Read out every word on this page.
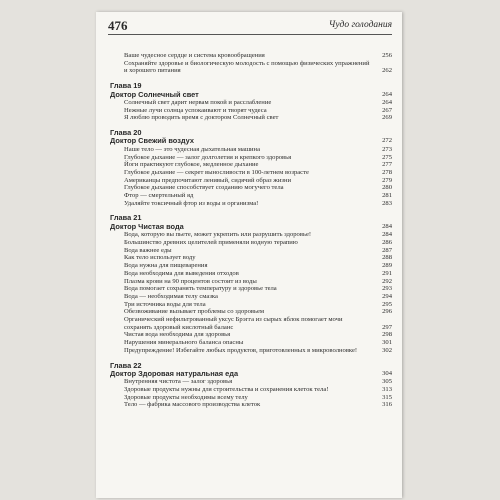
476	Чудо голодания
Ваше чудесное сердце и система кровообращения	256
Сохраняйте здоровье и биологическую молодость с помощью физических упражнений и хорошего питания	262
Глава 19
Доктор Солнечный свет	264
Солнечный свет дарит нервам покой и расслабление	264
Нежные лучи солнца успокаивают и творят чудеса	267
Я люблю проводить время с доктором Солнечный свет	269
Глава 20
Доктор Свежий воздух	272
Наше тело — это чудесная дыхательная машина	273
Глубокое дыхание — залог долголетия и крепкого здоровья	275
Йоги практикуют глубокое, медленное дыхание	277
Глубокое дыхание — секрет выносливости в 100-летнем возрасте	278
Американцы предпочитают ленивый, сидячий образ жизни	279
Глубокое дыхание способствует созданию могучего тела	280
Фтор — смертельный яд	281
Удаляйте токсичный фтор из воды и организма!	283
Глава 21
Доктор Чистая вода	284
Вода, которую вы пьете, может укрепить или разрушить здоровье!	284
Большинство древних целителей применяли водную терапию	286
Вода важнее еды	287
Как тело использует воду	288
Вода нужна для пищеварения	289
Вода необходима для выведения отходов	291
Плазма крови на 90 процентов состоит из воды	292
Вода помогает сохранять температуру и здоровье тела	293
Вода — необходимая телу смазка	294
Три источника воды для тела	295
Обезвоживание вызывает проблемы со здоровьем	296
Органический нефильтрованный уксус Брэгга из сырых яблок помогает мочи сохранять здоровый кислотный баланс	297
Чистая вода необходима для здоровья	298
Нарушения минерального баланса опасны	301
Предупреждение! Избегайте любых продуктов, приготовленных в микроволновке!	302
Глава 22
Доктор Здоровая натуральная еда	304
Внутренняя чистота — залог здоровья	305
Здоровые продукты нужны для строительства и сохранения клеток тела!	313
Здоровые продукты необходимы всему телу	315
Тело — фабрика массового производства клеток	316
